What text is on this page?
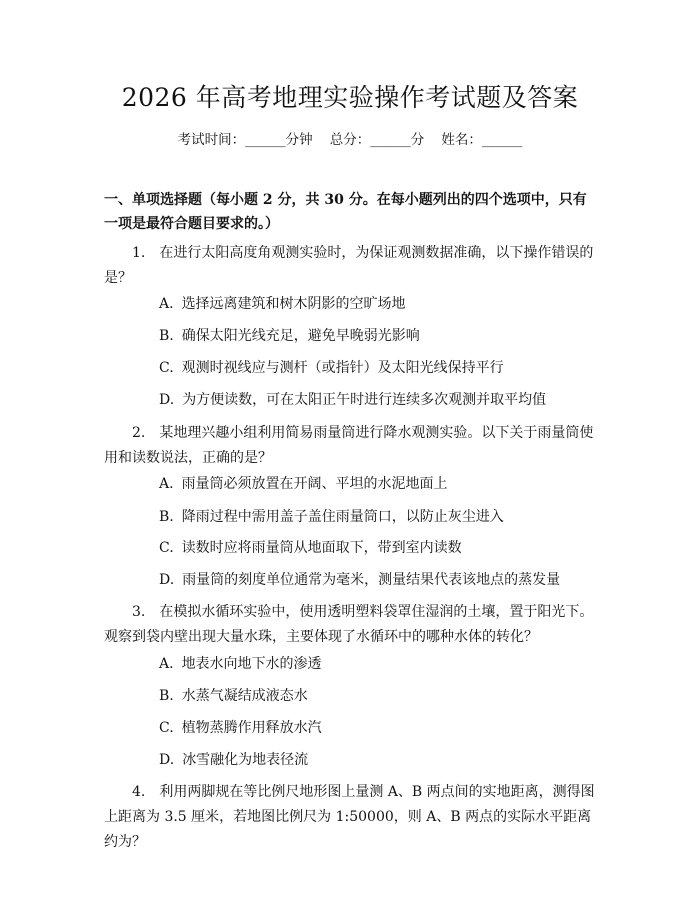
2026 年高考地理实验操作考试题及答案
考试时间：______分钟    总分：______分    姓名：______
一、单项选择题（每小题 2 分，共 30 分。在每小题列出的四个选项中，只有一项是最符合题目要求的。）
1. 在进行太阳高度角观测实验时，为保证观测数据准确，以下操作错误的是？
A. 选择远离建筑和树木阴影的空旷场地
B. 确保太阳光线充足，避免早晚弱光影响
C. 观测时视线应与测杆（或指针）及太阳光线保持平行
D. 为方便读数，可在太阳正午时进行连续多次观测并取平均值
2. 某地理兴趣小组利用简易雨量筒进行降水观测实验。以下关于雨量筒使用和读数说法，正确的是？
A. 雨量筒必须放置在开阔、平坦的水泥地面上
B. 降雨过程中需用盖子盖住雨量筒口，以防止灰尘进入
C. 读数时应将雨量筒从地面取下，带到室内读数
D. 雨量筒的刻度单位通常为毫米，测量结果代表该地点的蒸发量
3. 在模拟水循环实验中，使用透明塑料袋罩住湿润的土壤，置于阳光下。观察到袋内壁出现大量水珠，主要体现了水循环中的哪种水体的转化？
A. 地表水向地下水的渗透
B. 水蒸气凝结成液态水
C. 植物蒸腾作用释放水汽
D. 冰雪融化为地表径流
4. 利用两脚规在等比例尺地形图上量测 A、B 两点间的实地距离，测得图上距离为 3.5 厘米，若地图比例尺为 1:50000，则 A、B 两点的实际水平距离约为？
